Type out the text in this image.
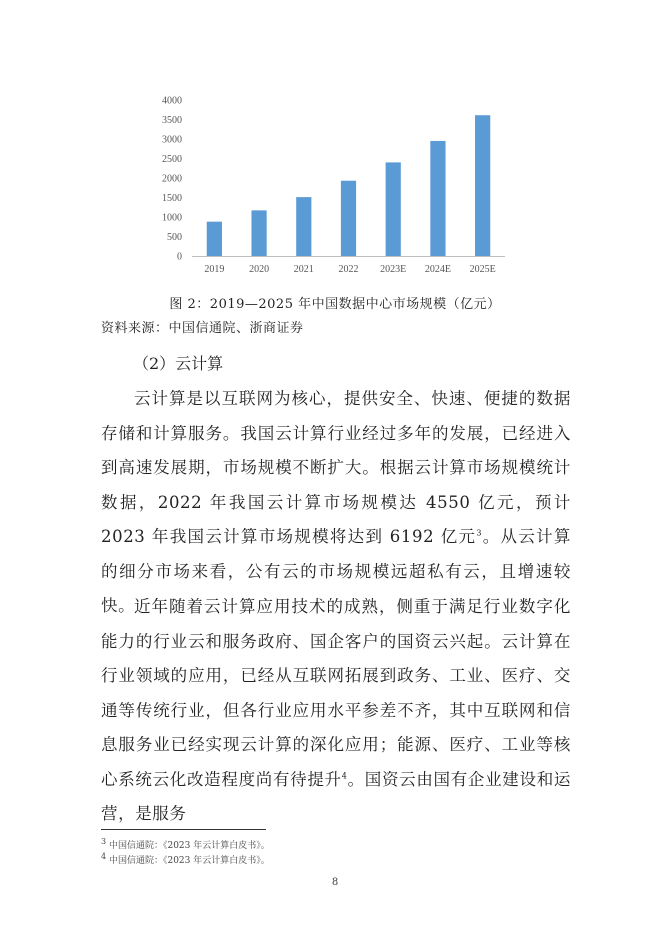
0
500
1000
1500
2000
2500
3000
3500
4000
2019 2020 2021 2022 2023E 2024E 2025E
图 2：2019—2025 年中国数据中心市场规模（亿元）
资料来源：中国信通院、浙商证券
（2）云计算

云计算是以互联网为核心，提供安全、快速、便捷的数据存储和计算服务。我国云计算行业经过多年的发展，已经进入到高速发展期，市场规模不断扩大。根据云计算市场规模统计数据，2022 年我国云计算市场规模达 4550 亿元，预计 2023 年我国云计算市场规模将达到 6192 亿元$^3$。从云计算的细分市场来看，公有云的市场规模远超私有云，且增速较快。

近年随着云计算应用技术的成熟，侧重于满足行业数字化能力的行业云和服务政府、国企客户的国资云兴起。云计算在行业领域的应用，已经从互联网拓展到政务、工业、医疗、交通等传统行业，但各行业应用水平参差不齐，其中互联网和信息服务业已经实现云计算的深化应用；能源、医疗、工业等核心系统云化改造程度尚有待提升$^4$。国资云由国有企业建设和运营，是服务

$^3$ 中国信通院：《2023 年云计算白皮书》。
$^4$ 中国信通院：《2023 年云计算白皮书》。
8
